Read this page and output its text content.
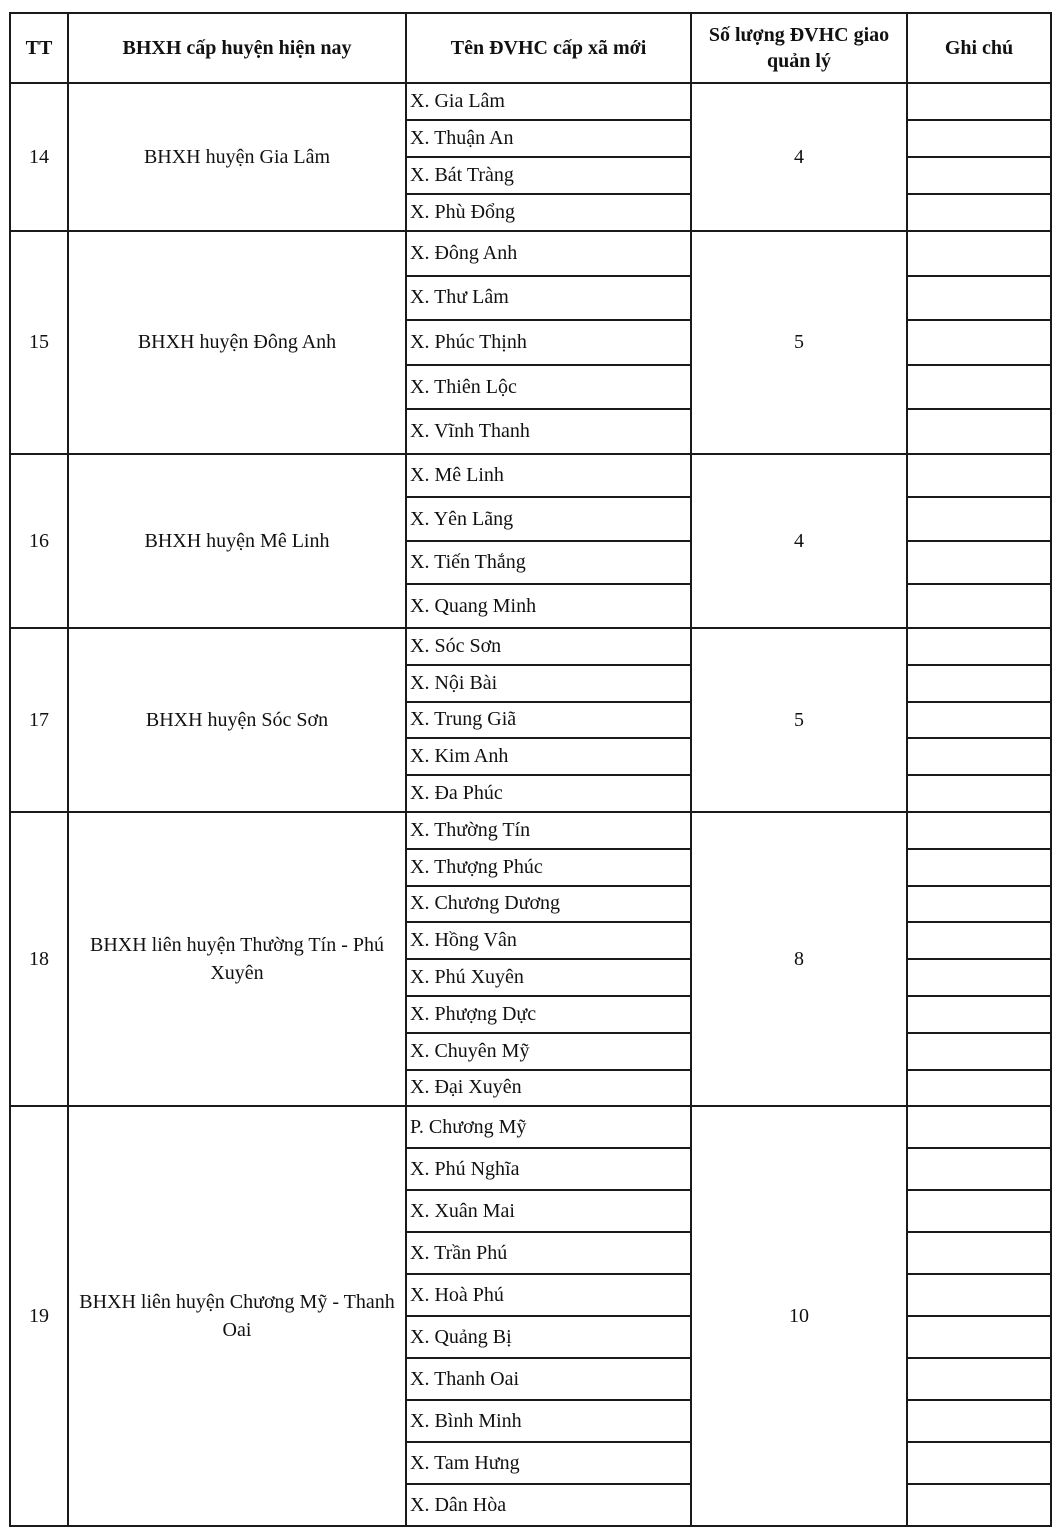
TT	BHXH cấp huyện hiện nay	Tên ĐVHC cấp xã mới	Số lượng ĐVHC giao quản lý	Ghi chú
14	BHXH huyện Gia Lâm	X. Gia Lâm	4	
		X. Thuận An		
		X. Bát Tràng		
		X. Phù Đổng		
15	BHXH huyện Đông Anh	X. Đông Anh	5	
		X. Thư Lâm		
		X. Phúc Thịnh		
		X. Thiên Lộc		
		X. Vĩnh Thanh		
16	BHXH huyện Mê Linh	X. Mê Linh	4	
		X. Yên Lãng		
		X. Tiến Thắng		
		X. Quang Minh		
17	BHXH huyện Sóc Sơn	X. Sóc Sơn	5	
		X. Nội Bài		
		X. Trung Giã		
		X. Kim Anh		
		X. Đa Phúc		
18	BHXH liên huyện Thường Tín - Phú Xuyên	X. Thường Tín	8	
		X. Thượng Phúc		
		X. Chương Dương		
		X. Hồng Vân		
		X. Phú Xuyên		
		X. Phượng Dực		
		X. Chuyên Mỹ		
		X. Đại Xuyên		
19	BHXH liên huyện Chương Mỹ - Thanh Oai	P. Chương Mỹ	10	
		X. Phú Nghĩa		
		X. Xuân Mai		
		X. Trần Phú		
		X. Hoà Phú		
		X. Quảng Bị		
		X. Thanh Oai		
		X. Bình Minh		
		X. Tam Hưng		
		X. Dân Hòa		
